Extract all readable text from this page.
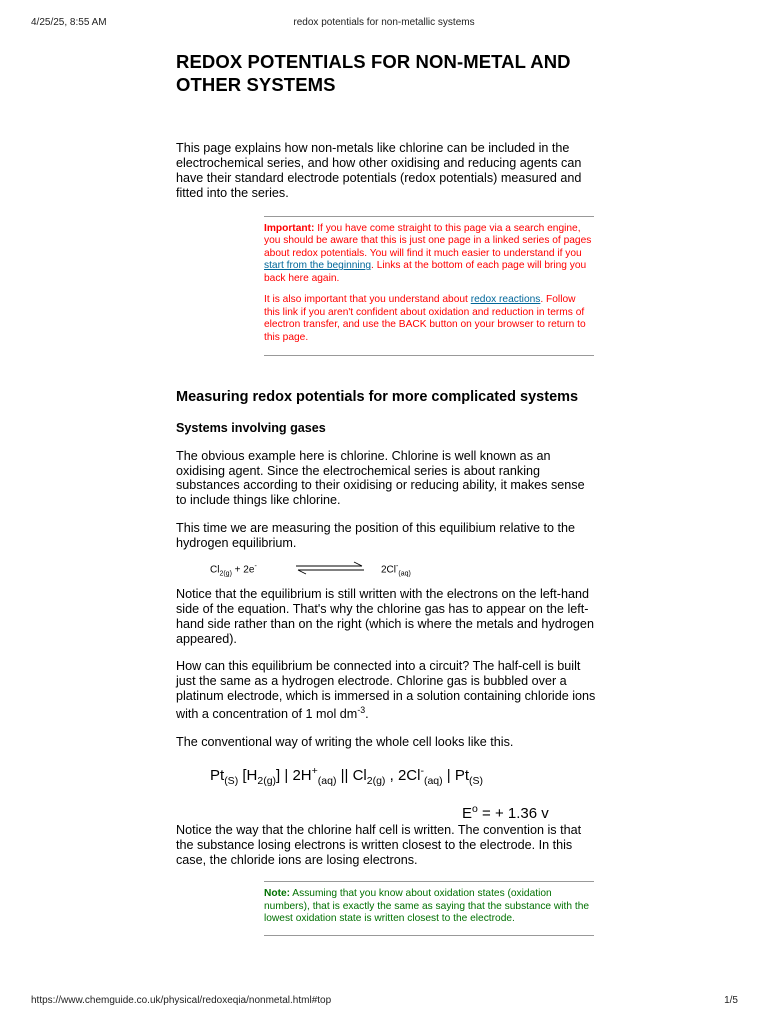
4/25/25, 8:55 AM	redox potentials for non-metallic systems
REDOX POTENTIALS FOR NON-METAL AND OTHER SYSTEMS

This page explains how non-metals like chlorine can be included in the electrochemical series, and how other oxidising and reducing agents can have their standard electrode potentials (redox potentials) measured and fitted into the series.

Important: If you have come straight to this page via a search engine, you should be aware that this is just one page in a linked series of pages about redox potentials. You will find it much easier to understand if you start from the beginning. Links at the bottom of each page will bring you back here again.

It is also important that you understand about redox reactions. Follow this link if you aren't confident about oxidation and reduction in terms of electron transfer, and use the BACK button on your browser to return to this page.

Measuring redox potentials for more complicated systems
Systems involving gases

The obvious example here is chlorine. Chlorine is well known as an oxidising agent. Since the electrochemical series is about ranking substances according to their oxidising or reducing ability, it makes sense to include things like chlorine.

This time we are measuring the position of this equilibium relative to the hydrogen equilibrium.

$Cl_{2(g)} + 2e^-$	$2Cl^-_{(aq)}$

Notice that the equilibrium is still written with the electrons on the left-hand side of the equation. That's why the chlorine gas has to appear on the left-hand side rather than on the right (which is where the metals and hydrogen appeared).

How can this equilibrium be connected into a circuit? The half-cell is built just the same as a hydrogen electrode. Chlorine gas is bubbled over a platinum electrode, which is immersed in a solution containing chloride ions with a concentration of 1 mol $dm^{-3}$.

The conventional way of writing the whole cell looks like this.

$Pt_{(S)}$ $[H_{2(g)}]$ | $2H^+_{(aq)}$ || $Cl_{2(g)}$ , $2Cl^-_{(aq)}$ | $Pt_{(S)}$
$E^o$ = + 1.36 v

Notice the way that the chlorine half cell is written. The convention is that the substance losing electrons is written closest to the electrode. In this case, the chloride ions are losing electrons.

Note: Assuming that you know about oxidation states (oxidation numbers), that is exactly the same as saying that the substance with the lowest oxidation state is written closest to the electrode.

https://www.chemguide.co.uk/physical/redoxeqia/nonmetal.html#top	1/5
